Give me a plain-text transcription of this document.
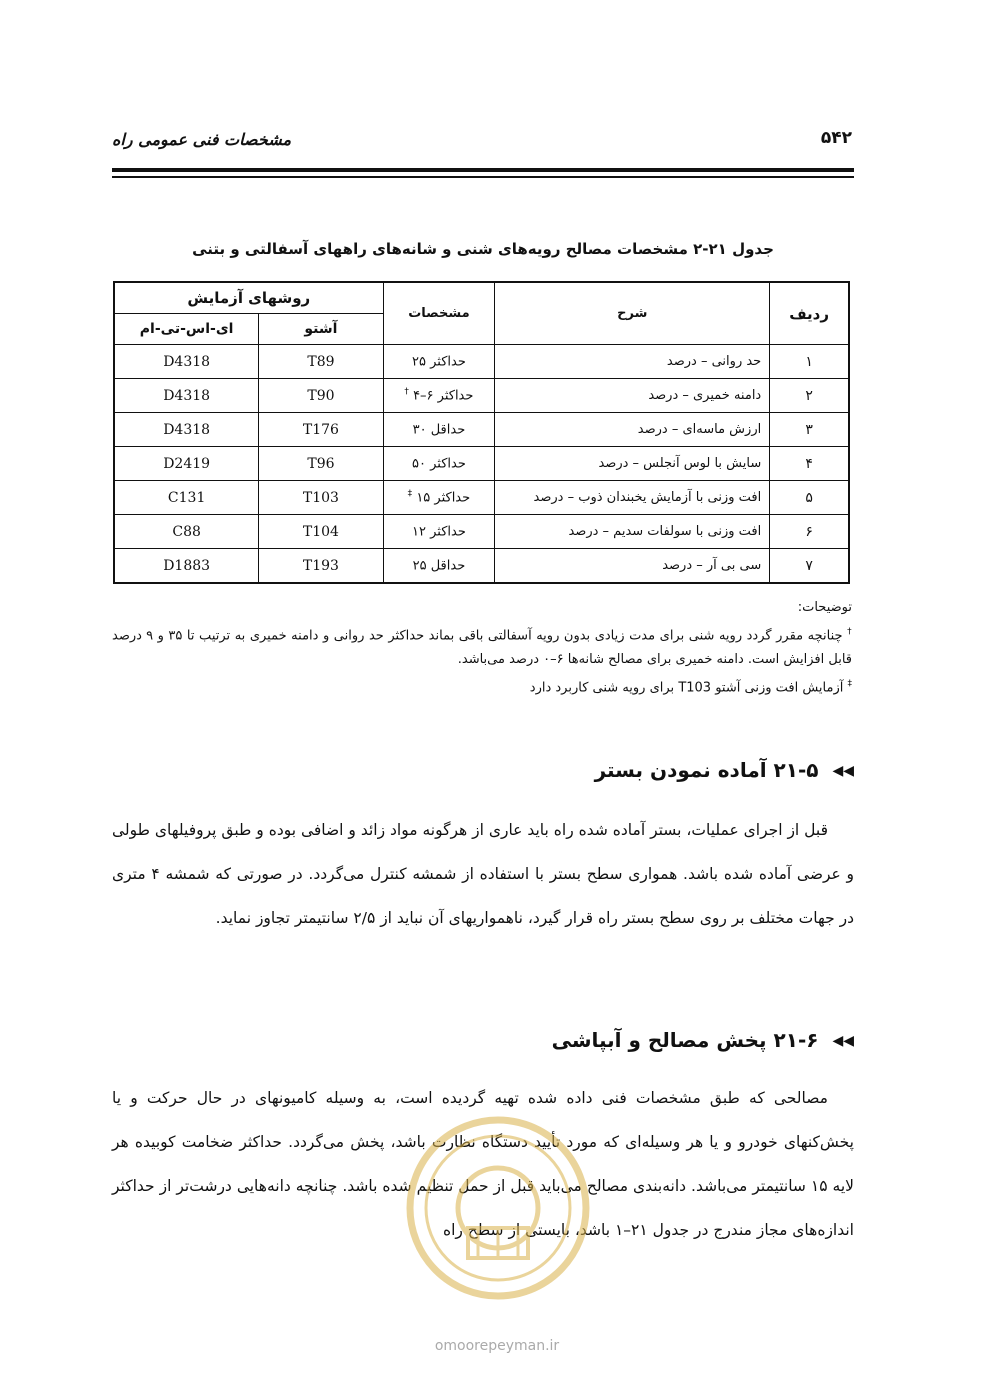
مشخصات فنی عمومی راه	۵۴۲
جدول ۲۱-۲ مشخصات مصالح رویه‌های شنی و شانه‌های راههای آسفالتی و بتنی
ردیف	شرح	مشخصات	روشهای آزمایش	
			آشتو	ای-اس-تی-ام
۱	حد روانی – درصد	حداکثر ۲۵	T89	D4318
۲	دامنه خمیری – درصد	حداکثر ۶–۴ †	T90	D4318
۳	ارزش ماسه‌ای – درصد	حداقل ۳۰	T176	D4318
۴	سایش با لوس آنجلس – درصد	حداکثر ۵۰	T96	D2419
۵	افت وزنی با آزمایش یخبندان ذوب – درصد	حداکثر ۱۵ ‡	T103	C131
۶	افت وزنی با سولفات سدیم – درصد	حداکثر ۱۲	T104	C88
۷	سی بی آر – درصد	حداقل ۲۵	T193	D1883

توضیحات:

† چنانچه مقرر گردد رویه شنی برای مدت زیادی بدون رویه آسفالتی باقی بماند حداکثر حد روانی و دامنه خمیری به ترتیب تا ۳۵ و ۹ درصد قابل افزایش است. دامنه خمیری برای مصالح شانه‌ها ۶–۰ درصد می‌باشد.

‡ آزمایش افت وزنی آشتو T103 برای رویه شنی کاربرد دارد

◀◀۲۱-۵ آماده نمودن بستر

قبل از اجرای عملیات، بستر آماده شده راه باید عاری از هرگونه مواد زائد و اضافی بوده و طبق پروفیلهای طولی و عرضی آماده شده باشد. همواری سطح بستر با استفاده از شمشه کنترل می‌گردد. در صورتی که شمشه ۴ متری در جهات مختلف بر روی سطح بستر راه قرار گیرد، ناهمواریهای آن نباید از ۲/۵ سانتیمتر تجاوز نماید.

◀◀۲۱-۶ پخش مصالح و آبپاشی

مصالحی که طبق مشخصات فنی داده شده تهیه گردیده است، به وسیله کامیونهای در حال حرکت و یا پخش‌کنهای خودرو و یا هر وسیله‌ای که مورد تأیید دستگاه نظارت باشد، پخش می‌گردد. حداکثر ضخامت کوبیده هر لایه ۱۵ سانتیمتر می‌باشد. دانه‌بندی مصالح می‌باید قبل از حمل تنظیم شده باشد. چنانچه دانه‌هایی درشت‌تر از حداکثر اندازه‌های مجاز مندرج در جدول ۲۱–۱ باشد، بایستی از سطح راه

omoorepeyman.ir
